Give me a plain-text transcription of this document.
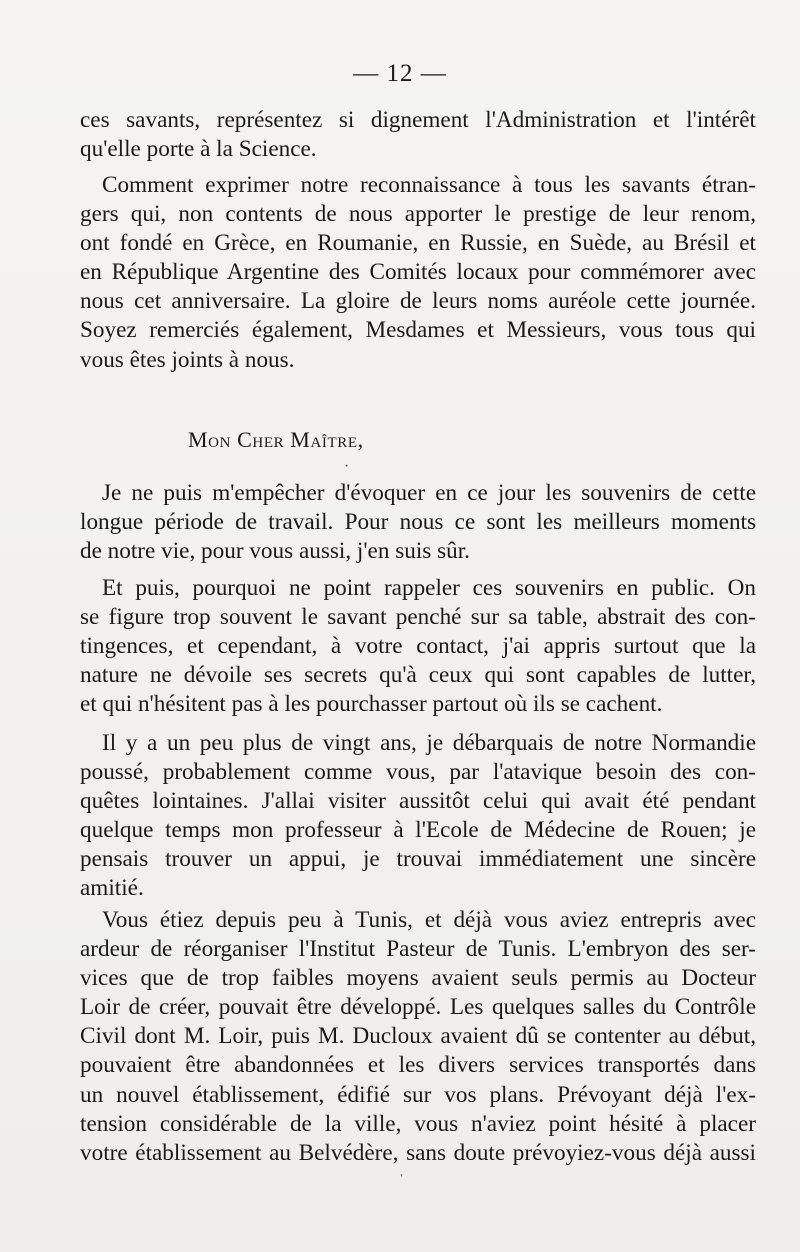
— 12 —
ces savants, représentez si dignement l'Administration et l'intérêt
qu'elle porte à la Science.
Comment exprimer notre reconnaissance à tous les savants étran-
gers qui, non contents de nous apporter le prestige de leur renom,
ont fondé en Grèce, en Roumanie, en Russie, en Suède, au Brésil et
en République Argentine des Comités locaux pour commémorer avec
nous cet anniversaire. La gloire de leurs noms auréole cette journée.
Soyez remerciés également, Mesdames et Messieurs, vous tous qui
vous êtes joints à nous.
Mon Cher Maître,
Je ne puis m'empêcher d'évoquer en ce jour les souvenirs de cette
longue période de travail. Pour nous ce sont les meilleurs moments
de notre vie, pour vous aussi, j'en suis sûr.
Et puis, pourquoi ne point rappeler ces souvenirs en public. On
se figure trop souvent le savant penché sur sa table, abstrait des con-
tingences, et cependant, à votre contact, j'ai appris surtout que la
nature ne dévoile ses secrets qu'à ceux qui sont capables de lutter,
et qui n'hésitent pas à les pourchasser partout où ils se cachent.
Il y a un peu plus de vingt ans, je débarquais de notre Normandie
poussé, probablement comme vous, par l'atavique besoin des con-
quêtes lointaines. J'allai visiter aussitôt celui qui avait été pendant
quelque temps mon professeur à l'Ecole de Médecine de Rouen; je
pensais trouver un appui, je trouvai immédiatement une sincère
amitié.
Vous étiez depuis peu à Tunis, et déjà vous aviez entrepris avec
ardeur de réorganiser l'Institut Pasteur de Tunis. L'embryon des ser-
vices que de trop faibles moyens avaient seuls permis au Docteur
Loir de créer, pouvait être développé. Les quelques salles du Contrôle
Civil dont M. Loir, puis M. Ducloux avaient dû se contenter au début,
pouvaient être abandonnées et les divers services transportés dans
un nouvel établissement, édifié sur vos plans. Prévoyant déjà l'ex-
tension considérable de la ville, vous n'aviez point hésité à placer
votre établissement au Belvédère, sans doute prévoyiez-vous déjà aussi
·
ˈ
